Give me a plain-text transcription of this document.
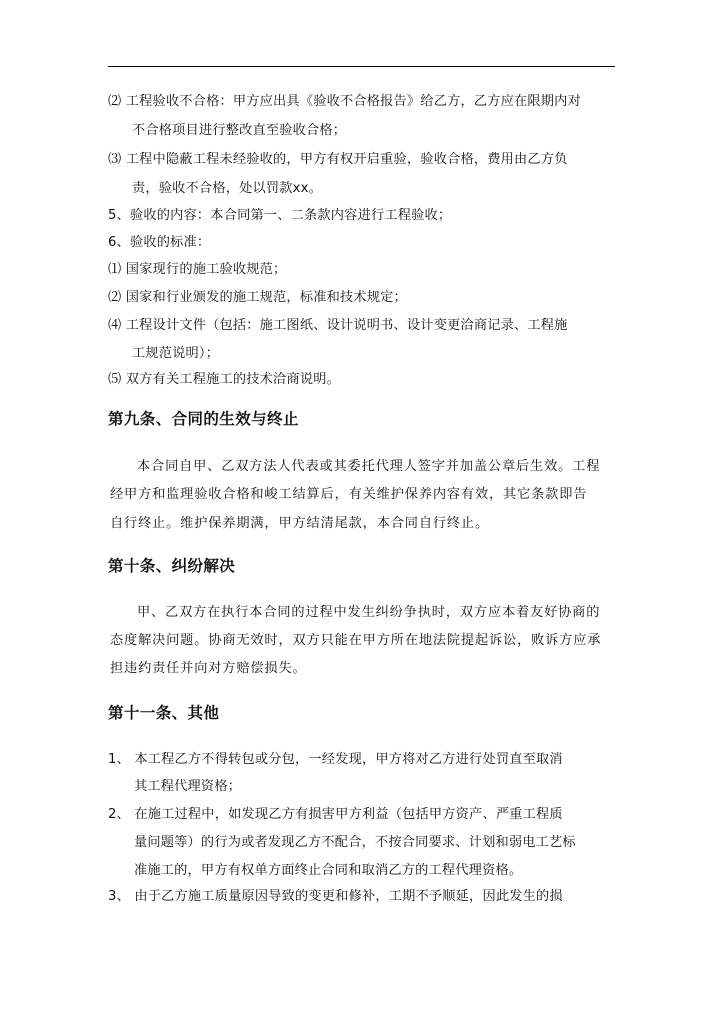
⑵ 工程验收不合格：甲方应出具《验收不合格报告》给乙方，乙方应在限期内对
不合格项目进行整改直至验收合格；
⑶ 工程中隐蔽工程未经验收的，甲方有权开启重验，验收合格，费用由乙方负
责，验收不合格，处以罚款xx。
5、验收的内容：本合同第一、二条款内容进行工程验收；
6、验收的标准：
⑴ 国家现行的施工验收规范；
⑵ 国家和行业颁发的施工规范，标准和技术规定；
⑷ 工程设计文件（包括：施工图纸、设计说明书、设计变更洽商记录、工程施
工规范说明）；
⑸ 双方有关工程施工的技术洽商说明。
第九条、合同的生效与终止
本合同自甲、乙双方法人代表或其委托代理人签字并加盖公章后生效。工程
经甲方和监理验收合格和峻工结算后，有关维护保养内容有效，其它条款即告
自行终止。维护保养期满，甲方结清尾款，本合同自行终止。
第十条、纠纷解决
甲、乙双方在执行本合同的过程中发生纠纷争执时，双方应本着友好协商的
态度解决问题。协商无效时，双方只能在甲方所在地法院提起诉讼，败诉方应承
担违约责任并向对方赔偿损失。
第十一条、其他
1、 本工程乙方不得转包或分包，一经发现，甲方将对乙方进行处罚直至取消
其工程代理资格；
2、 在施工过程中，如发现乙方有损害甲方利益（包括甲方资产、严重工程质
量问题等）的行为或者发现乙方不配合，不按合同要求、计划和弱电工艺标
准施工的，甲方有权单方面终止合同和取消乙方的工程代理资格。
3、 由于乙方施工质量原因导致的变更和修补，工期不予顺延，因此发生的损
